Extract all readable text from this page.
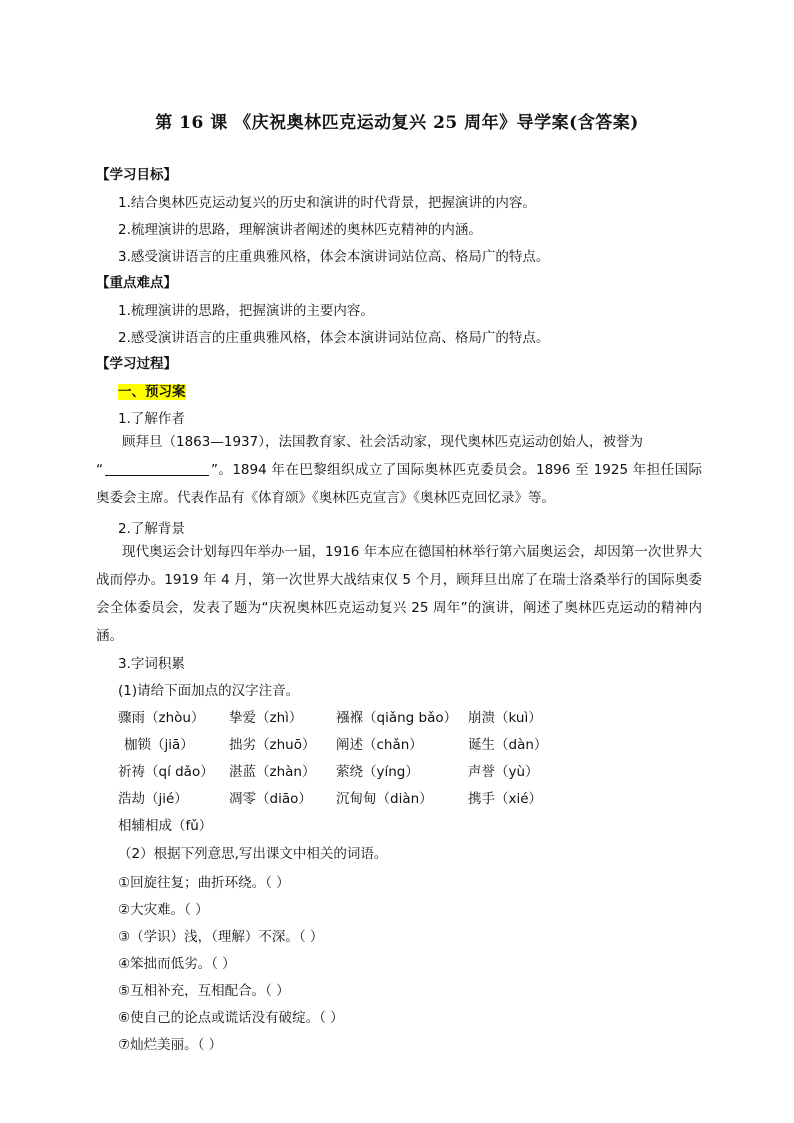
第 16 课 《庆祝奥林匹克运动复兴 25 周年》导学案(含答案)
【学习目标】
1.结合奥林匹克运动复兴的历史和演讲的时代背景，把握演讲的内容。
2.梳理演讲的思路，理解演讲者阐述的奥林匹克精神的内涵。
3.感受演讲语言的庄重典雅风格，体会本演讲词站位高、格局广的特点。
【重点难点】
1.梳理演讲的思路，把握演讲的主要内容。
2.感受演讲语言的庄重典雅风格，体会本演讲词站位高、格局广的特点。
【学习过程】
一、预习案
1.了解作者
顾拜旦（1863—1937），法国教育家、社会活动家，现代奥林匹克运动创始人，被誉为
“	”。1894 年在巴黎组织成立了国际奥林匹克委员会。1896 至 1925 年担任国际奥委会主席。代表作品有《体育颂》《奥林匹克宣言》《奥林匹克回忆录》等。
2.了解背景
现代奥运会计划每四年举办一届，1916 年本应在德国柏林举行第六届奥运会，却因第一次世界大战而停办。1919 年 4 月，第一次世界大战结束仅 5 个月，顾拜旦出席了在瑞士洛桑举行的国际奥委会全体委员会，发表了题为“庆祝奥林匹克运动复兴 25 周年”的演讲，阐述了奥林匹克运动的精神内涵。
3.字词积累
(1)请给下面加点的汉字注音。
骤雨（zhòu） 挚爱（zhì） 襁褓（qiǎng bǎo） 崩溃（kuì）
枷锁（jiā）	拙劣（zhuō） 阐述（chǎn）	诞生（dàn）
祈祷（qí dǎo） 湛蓝（zhàn） 萦绕（yíng）	声誉（yù）
浩劫（jié）	凋零（diāo） 沉甸甸（diàn）	携手（xié）
相辅相成（fǔ）
（2）根据下列意思,写出课文中相关的词语。
①回旋往复；曲折环绕。（ ）
②大灾难。（ ）
③（学识）浅，（理解）不深。（ ）
④笨拙而低劣。（ ）
⑤互相补充，互相配合。（ ）
⑥使自己的论点或谎话没有破绽。（ ）
⑦灿烂美丽。（ ）
